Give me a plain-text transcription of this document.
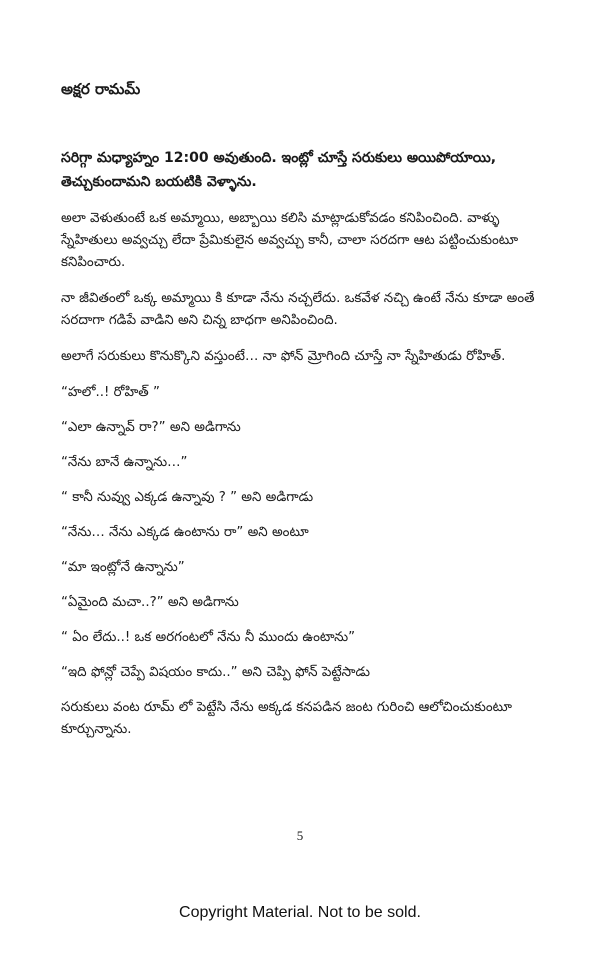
అక్షర రామమ్

సరిగ్గా మధ్యాహ్నం 12:00 అవుతుంది. ఇంట్లో చూస్తే సరుకులు అయిపోయాయి, తెచ్చుకుందామని బయటికి వెళ్ళాను.

అలా వెళుతుంటే ఒక అమ్మాయి, అబ్బాయి కలిసి మాట్లాడుకోవడం కనిపించింది. వాళ్ళు స్నేహితులు అవ్వచ్చు లేదా ప్రేమికులైన అవ్వచ్చు కానీ, చాలా సరదగా ఆట పట్టించుకుంటూ కనిపించారు.

నా జీవితంలో ఒక్క అమ్మాయి కి కూడా నేను నచ్చలేదు. ఒకవేళ నచ్చి ఉంటే నేను కూడా అంతే సరదాగా గడిపే వాడిని అని చిన్న బాధగా అనిపించింది.

అలాగే సరుకులు కొనుక్కొని వస్తుంటే… నా ఫోన్ మ్రోగింది చూస్తే నా స్నేహితుడు రోహిత్.

“హలో..! రోహిత్ ”

“ఎలా ఉన్నావ్ రా?” అని అడిగాను

“నేను బానే ఉన్నాను…”

“ కానీ నువ్వు ఎక్కడ ఉన్నావు ? ” అని అడిగాడు

“నేను… నేను ఎక్కడ ఉంటాను రా” అని అంటూ

“మా ఇంట్లోనే ఉన్నాను”

“ఏమైంది మచా..?” అని అడిగాను

“ ఏం లేదు..! ఒక అరగంటలో నేను నీ ముందు ఉంటాను”

“ఇది ఫోన్లో చెప్పే విషయం కాదు..” అని చెప్పి ఫోన్ పెట్టేసాడు

సరుకులు వంట రూమ్ లో పెట్టేసి నేను అక్కడ కనపడిన జంట గురించి ఆలోచించుకుంటూ కూర్చున్నాను.

5
Copyright Material. Not to be sold.
